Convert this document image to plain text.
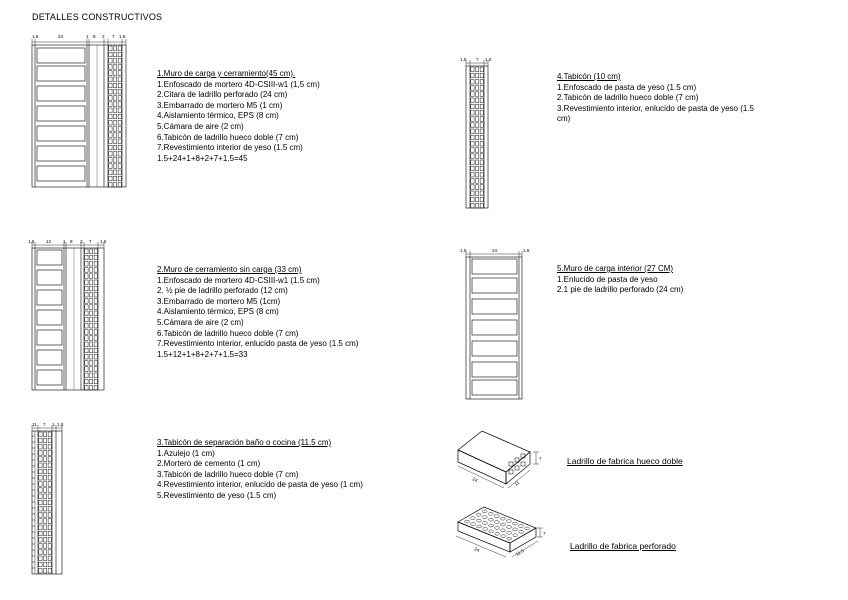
DETALLES CONSTRUCTIVOS
1,5	24	1 8 2 7 1,5
1,5	12	1 8 2 7 1,5
11 7 1 1,5
1,5 7 1,5
1,5	24	1,5
24
11
7
24	11,5
7
1.Muro de carga y cerramiento(45 cm).
1.Enfoscado de mortero 4D-CSIII-w1 (1,5 cm)
2.Citara de ladrillo perforado (24 cm)
3.Embarrado de mortero M5 (1 cm)
4.Aislamiento térmico, EPS (8 cm)
5.Cámara de aire (2 cm)
6.Tabicón de ladrillo hueco doble (7 cm)
7.Revestimiento interior de yeso (1.5 cm)
1.5+24+1+8+2+7+1.5=45
2.Muro de cerramiento sin carga (33 cm)
1.Enfoscado de mortero 4D-CSIII-w1 (1.5 cm)
2. ½ pie de ladrillo perforado (12 cm)
3.Embarrado de mortero M5 (1cm)
4.Aislamiento térmico, EPS (8 cm)
5.Cámara de aire (2 cm)
6.Tabicón de ladrillo hueco doble (7 cm)
7.Revestimiento interior, enlucido pasta de yeso (1.5 cm)
1.5+12+1+8+2+7+1.5=33
3.Tabicón de separación baño o cocina (11.5 cm)
1.Azulejo (1 cm)
2.Mortero de cemento (1 cm)
3.Tabicón de ladrillo hueco doble (7 cm)
4.Revestimiento interior, enlucido de pasta de yeso (1 cm)
5.Revestimiento de yeso (1.5 cm)
4.Tabicón (10 cm)
1.Enfoscado de pasta de yeso (1.5 cm)
2.Tabicón de ladrillo hueco doble (7 cm)
3.Revestimiento interior, enlucido de pasta de yeso (1.5
cm)
5.Muro de carga interior (27 CM)
1.Enlucido de pasta de yeso
2.1 pie de ladrillo perforado (24 cm)
Ladrillo de fabrica hueco doble
Ladrillo de fabrica perforado
